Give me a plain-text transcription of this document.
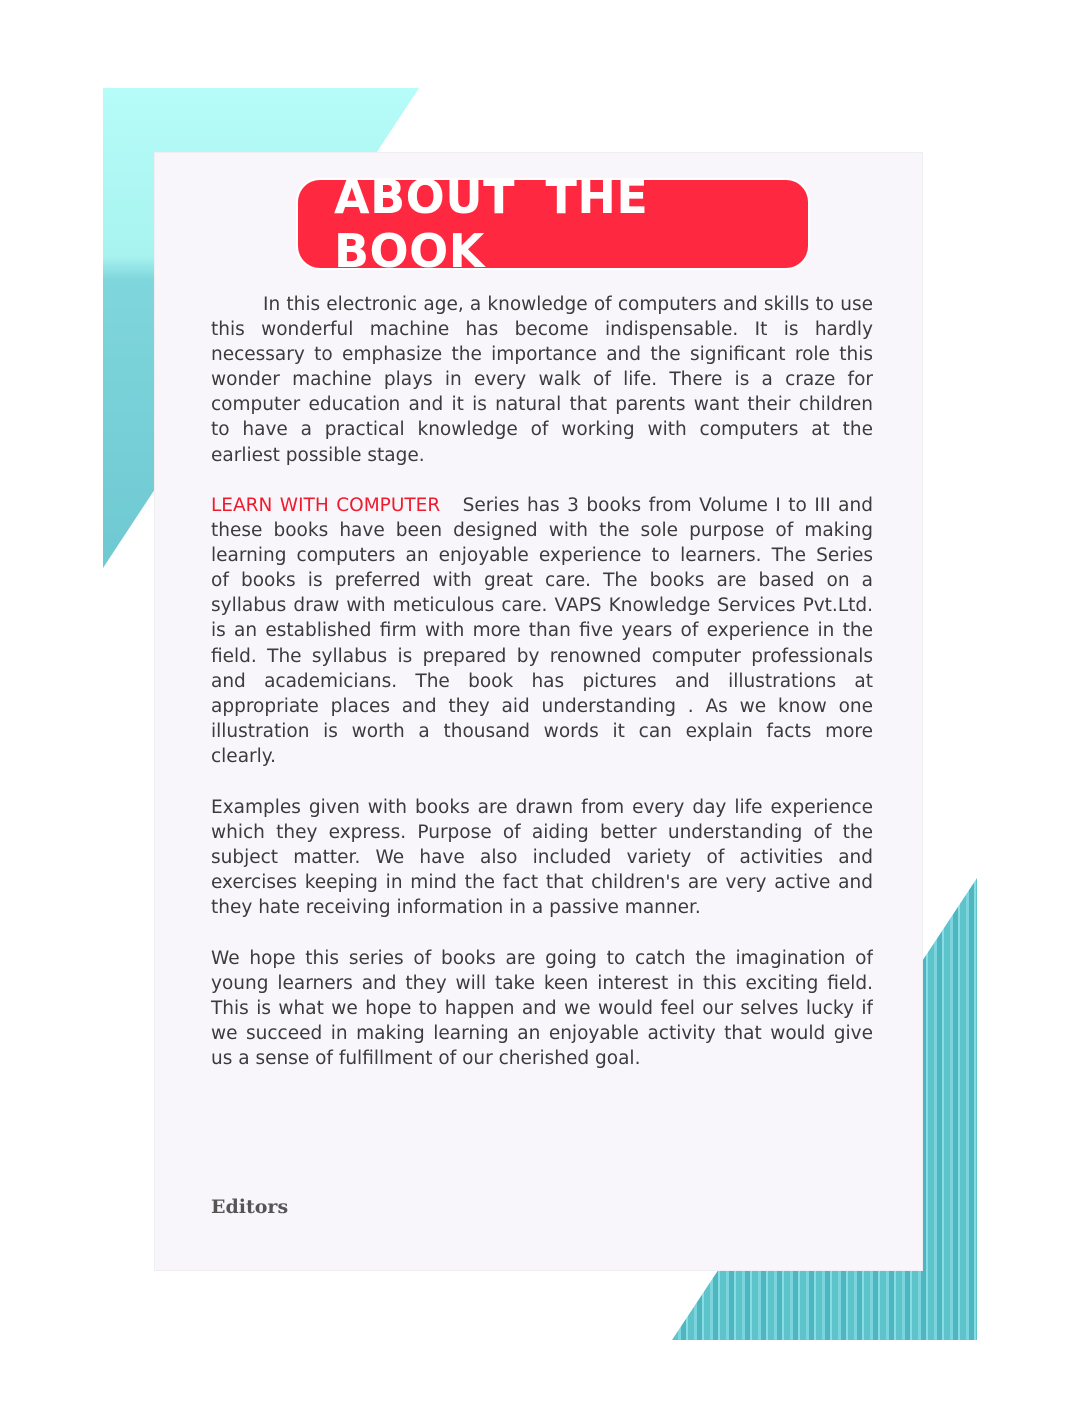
ABOUT THE BOOK
In this electronic age, a knowledge of computers and skills to use
this wonderful machine has become indispensable. It is hardly
necessary to emphasize the importance and the significant role this
wonder machine plays in every walk of life. There is a craze for
computer education and it is natural that parents want their children
to have a practical knowledge of working with computers at the
earliest possible stage.
LEARN WITH COMPUTER Series has 3 books from Volume I to III and
these books have been designed with the sole purpose of making
learning computers an enjoyable experience to learners. The Series
of books is preferred with great care. The books are based on a
syllabus draw with meticulous care. VAPS Knowledge Services Pvt.Ltd.
is an established firm with more than five years of experience in the
field. The syllabus is prepared by renowned computer professionals
and academicians. The book has pictures and illustrations at
appropriate places and they aid understanding . As we know one
illustration is worth a thousand words it can explain facts more
clearly.
Examples given with books are drawn from every day life experience
which they express. Purpose of aiding better understanding of the
subject matter. We have also included variety of activities and
exercises keeping in mind the fact that children's are very active and
they hate receiving information in a passive manner.
We hope this series of books are going to catch the imagination of
young learners and they will take keen interest in this exciting field.
This is what we hope to happen and we would feel our selves lucky if
we succeed in making learning an enjoyable activity that would give
us a sense of fulfillment of our cherished goal.
Editors
